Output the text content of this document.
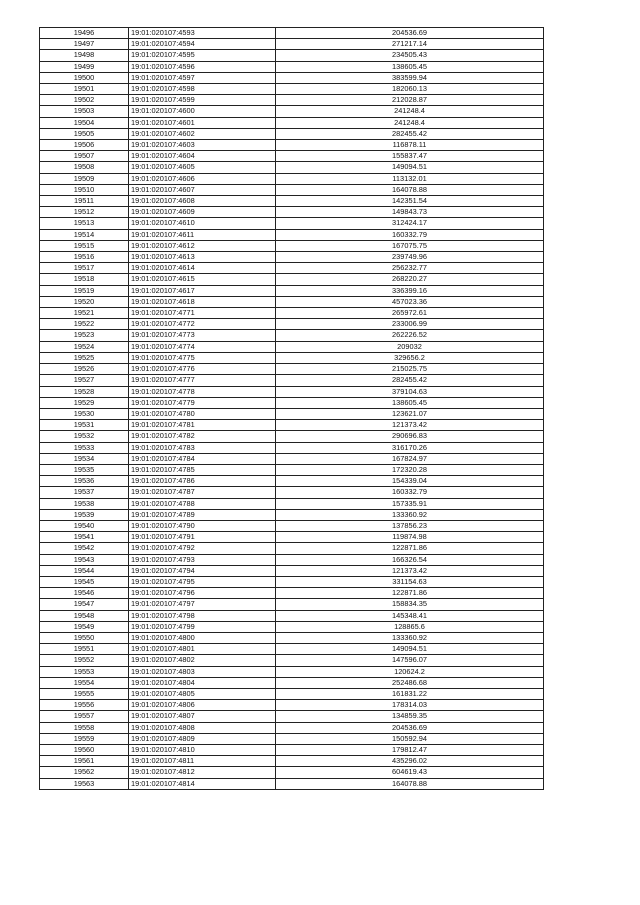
19496	19:01:020107:4593	204536.69
19497	19:01:020107:4594	271217.14
19498	19:01:020107:4595	234505.43
19499	19:01:020107:4596	138605.45
19500	19:01:020107:4597	383599.94
19501	19:01:020107:4598	182060.13
19502	19:01:020107:4599	212028.87
19503	19:01:020107:4600	241248.4
19504	19:01:020107:4601	241248.4
19505	19:01:020107:4602	282455.42
19506	19:01:020107:4603	116878.11
19507	19:01:020107:4604	155837.47
19508	19:01:020107:4605	149094.51
19509	19:01:020107:4606	113132.01
19510	19:01:020107:4607	164078.88
19511	19:01:020107:4608	142351.54
19512	19:01:020107:4609	149843.73
19513	19:01:020107:4610	312424.17
19514	19:01:020107:4611	160332.79
19515	19:01:020107:4612	167075.75
19516	19:01:020107:4613	239749.96
19517	19:01:020107:4614	256232.77
19518	19:01:020107:4615	268220.27
19519	19:01:020107:4617	336399.16
19520	19:01:020107:4618	457023.36
19521	19:01:020107:4771	265972.61
19522	19:01:020107:4772	233006.99
19523	19:01:020107:4773	262226.52
19524	19:01:020107:4774	209032
19525	19:01:020107:4775	329656.2
19526	19:01:020107:4776	215025.75
19527	19:01:020107:4777	282455.42
19528	19:01:020107:4778	379104.63
19529	19:01:020107:4779	138605.45
19530	19:01:020107:4780	123621.07
19531	19:01:020107:4781	121373.42
19532	19:01:020107:4782	290696.83
19533	19:01:020107:4783	316170.26
19534	19:01:020107:4784	167824.97
19535	19:01:020107:4785	172320.28
19536	19:01:020107:4786	154339.04
19537	19:01:020107:4787	160332.79
19538	19:01:020107:4788	157335.91
19539	19:01:020107:4789	133360.92
19540	19:01:020107:4790	137856.23
19541	19:01:020107:4791	119874.98
19542	19:01:020107:4792	122871.86
19543	19:01:020107:4793	166326.54
19544	19:01:020107:4794	121373.42
19545	19:01:020107:4795	331154.63
19546	19:01:020107:4796	122871.86
19547	19:01:020107:4797	158834.35
19548	19:01:020107:4798	145348.41
19549	19:01:020107:4799	128865.6
19550	19:01:020107:4800	133360.92
19551	19:01:020107:4801	149094.51
19552	19:01:020107:4802	147596.07
19553	19:01:020107:4803	120624.2
19554	19:01:020107:4804	252486.68
19555	19:01:020107:4805	161831.22
19556	19:01:020107:4806	178314.03
19557	19:01:020107:4807	134859.35
19558	19:01:020107:4808	204536.69
19559	19:01:020107:4809	150592.94
19560	19:01:020107:4810	179812.47
19561	19:01:020107:4811	435296.02
19562	19:01:020107:4812	604619.43
19563	19:01:020107:4814	164078.88
